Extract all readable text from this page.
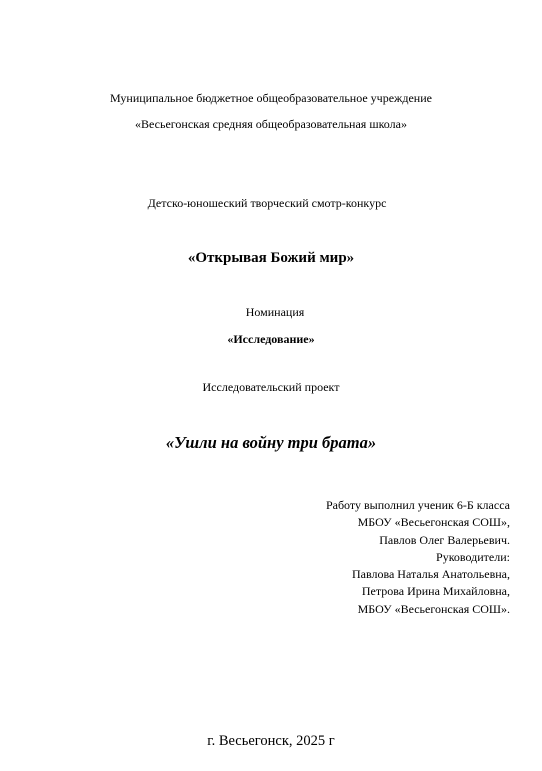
Муниципальное бюджетное общеобразовательное учреждение
«Весьегонская средняя общеобразовательная школа»
Детско-юношеский творческий смотр-конкурс
«Открывая Божий мир»
Номинация
«Исследование»
Исследовательский проект
«Ушли на войну три брата»
Работу выполнил ученик 6-Б класса
МБОУ «Весьегонская СОШ»,
Павлов Олег Валерьевич.
Руководители:
Павлова Наталья Анатольевна,
Петрова Ирина Михайловна,
МБОУ «Весьегонская СОШ».
г. Весьегонск, 2025 г
